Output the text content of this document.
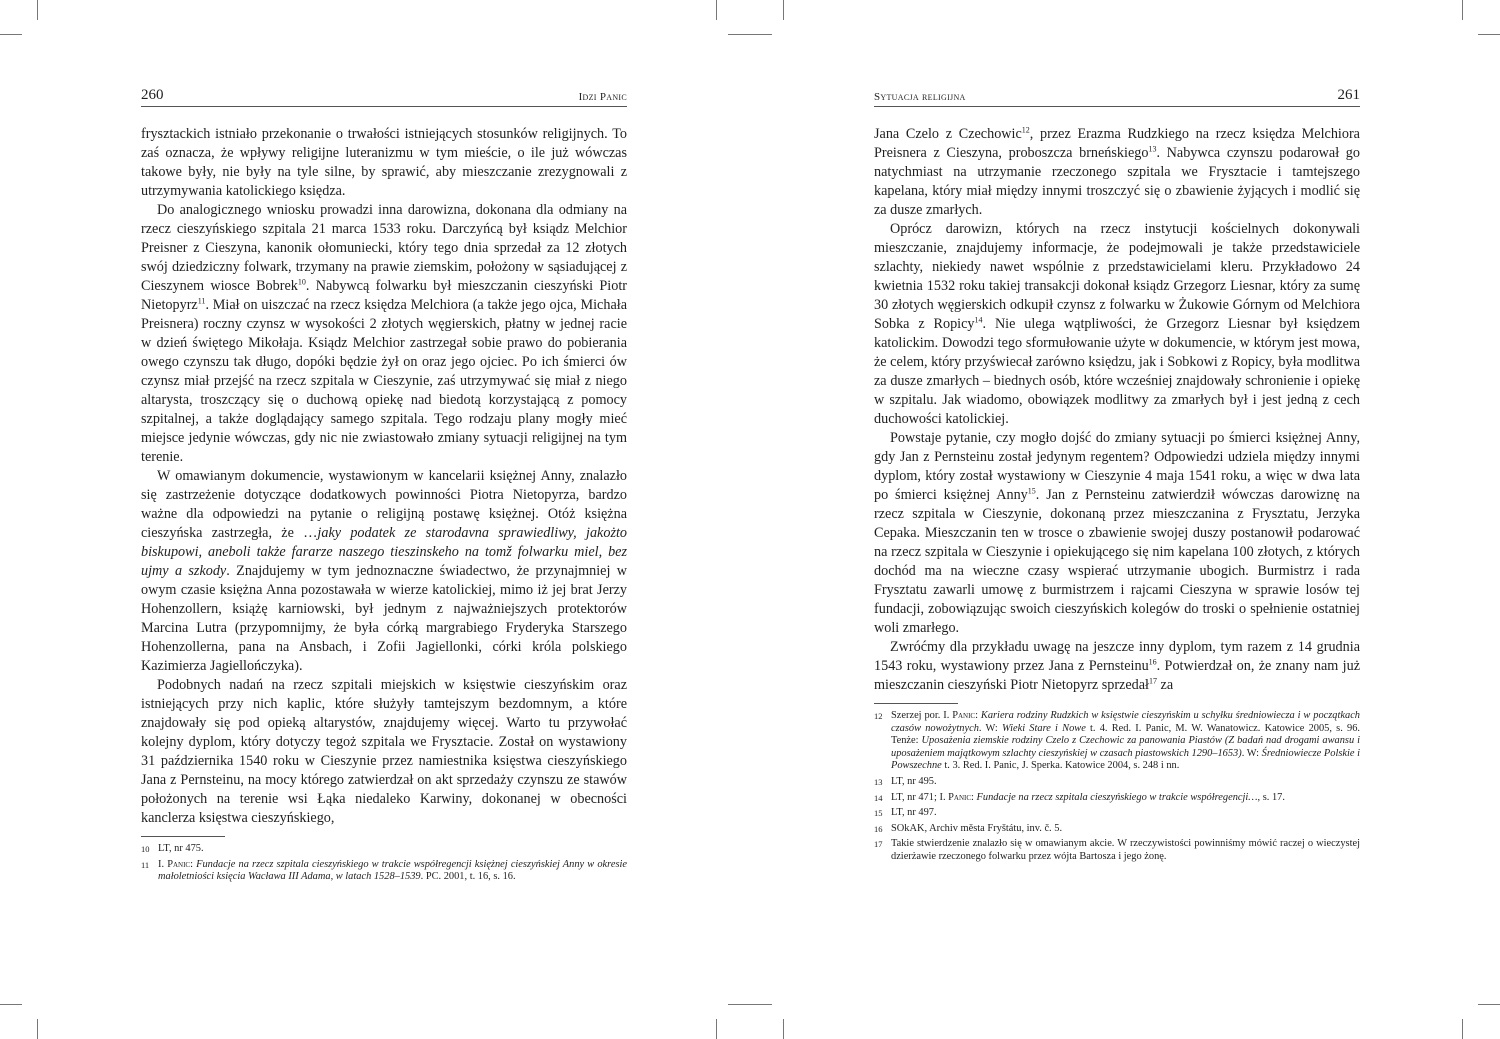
260	Idzi Panic

frysztackich istniało przekonanie o trwałości istniejących stosunków religijnych. To zaś oznacza, że wpływy religijne luteranizmu w tym mieście, o ile już wówczas takowe były, nie były na tyle silne, by sprawić, aby mieszczanie zrezygnowali z utrzymywania katolickiego księdza.

Do analogicznego wniosku prowadzi inna darowizna, dokonana dla odmiany na rzecz cieszyńskiego szpitala 21 marca 1533 roku. Darczyńcą był ksiądz Melchior Preisner z Cieszyna, kanonik ołomuniecki, który tego dnia sprzedał za 12 złotych swój dziedziczny folwark, trzymany na prawie ziemskim, położony w sąsiadującej z Cieszynem wiosce Bobrek$^{10}$. Nabywcą folwarku był mieszczanin cieszyński Piotr Nietopyrz$^{11}$. Miał on uiszczać na rzecz księdza Melchiora (a także jego ojca, Michała Preisnera) roczny czynsz w wysokości 2 złotych węgierskich, płatny w jednej racie w dzień świętego Mikołaja. Ksiądz Melchior zastrzegał sobie prawo do pobierania owego czynszu tak długo, dopóki będzie żył on oraz jego ojciec. Po ich śmierci ów czynsz miał przejść na rzecz szpitala w Cieszynie, zaś utrzymywać się miał z niego altarysta, troszczący się o duchową opiekę nad biedotą korzystającą z pomocy szpitalnej, a także doglądający samego szpitala. Tego rodzaju plany mogły mieć miejsce jedynie wówczas, gdy nic nie zwiastowało zmiany sytuacji religijnej na tym terenie.

W omawianym dokumencie, wystawionym w kancelarii księżnej Anny, znalazło się zastrzeżenie dotyczące dodatkowych powinności Piotra Nietopyrza, bardzo ważne dla odpowiedzi na pytanie o religijną postawę księżnej. Otóż księżna cieszyńska zastrzegła, że …jaky podatek ze starodavna sprawiedliwy, jakożto biskupowi, aneboli także fararze naszego tieszinskeho na tomž folwarku miel, bez ujmy a szkody. Znajdujemy w tym jednoznaczne świadectwo, że przynajmniej w owym czasie księżna Anna pozostawała w wierze katolickiej, mimo iż jej brat Jerzy Hohenzollern, książę karniowski, był jednym z najważniejszych protektorów Marcina Lutra (przypomnijmy, że była córką margrabiego Fryderyka Starszego Hohenzollerna, pana na Ansbach, i Zofii Jagiellonki, córki króla polskiego Kazimierza Jagiellończyka).

Podobnych nadań na rzecz szpitali miejskich w księstwie cieszyńskim oraz istniejących przy nich kaplic, które służyły tamtejszym bezdomnym, a które znajdowały się pod opieką altarystów, znajdujemy więcej. Warto tu przywołać kolejny dyplom, który dotyczy tegoż szpitala we Frysztacie. Został on wystawiony 31 października 1540 roku w Cieszynie przez namiestnika księstwa cieszyńskiego Jana z Pernsteinu, na mocy którego zatwierdzał on akt sprzedaży czynszu ze stawów położonych na terenie wsi Łąka niedaleko Karwiny, dokonanej w obecności kanclerza księstwa cieszyńskiego,

10 LT, nr 475.
11 I. Panic: Fundacje na rzecz szpitala cieszyńskiego w trakcie współregencji księżnej cieszyńskiej Anny w okresie małoletniości księcia Wacława III Adama, w latach 1528–1539. PC. 2001, t. 16, s. 16.
Sytuacja religijna	261

Jana Czelo z Czechowic$^{12}$, przez Erazma Rudzkiego na rzecz księdza Melchiora Preisnera z Cieszyna, proboszcza brneńskiego$^{13}$. Nabywca czynszu podarował go natychmiast na utrzymanie rzeczonego szpitala we Frysztacie i tamtejszego kapelana, który miał między innymi troszczyć się o zbawienie żyjących i modlić się za dusze zmarłych.

Oprócz darowizn, których na rzecz instytucji kościelnych dokonywali mieszczanie, znajdujemy informacje, że podejmowali je także przedstawiciele szlachty, niekiedy nawet wspólnie z przedstawicielami kleru. Przykładowo 24 kwietnia 1532 roku takiej transakcji dokonał ksiądz Grzegorz Liesnar, który za sumę 30 złotych węgierskich odkupił czynsz z folwarku w Żukowie Górnym od Melchiora Sobka z Ropicy$^{14}$. Nie ulega wątpliwości, że Grzegorz Liesnar był księdzem katolickim. Dowodzi tego sformułowanie użyte w dokumencie, w którym jest mowa, że celem, który przyświecał zarówno księdzu, jak i Sobkowi z Ropicy, była modlitwa za dusze zmarłych – biednych osób, które wcześniej znajdowały schronienie i opiekę w szpitalu. Jak wiadomo, obowiązek modlitwy za zmarłych był i jest jedną z cech duchowości katolickiej.

Powstaje pytanie, czy mogło dojść do zmiany sytuacji po śmierci księżnej Anny, gdy Jan z Pernsteinu został jedynym regentem? Odpowiedzi udziela między innymi dyplom, który został wystawiony w Cieszynie 4 maja 1541 roku, a więc w dwa lata po śmierci księżnej Anny$^{15}$. Jan z Pernsteinu zatwierdził wówczas darowiznę na rzecz szpitala w Cieszynie, dokonaną przez mieszczanina z Frysztatu, Jerzyka Cepaka. Mieszczanin ten w trosce o zbawienie swojej duszy postanowił podarować na rzecz szpitala w Cieszynie i opiekującego się nim kapelana 100 złotych, z których dochód ma na wieczne czasy wspierać utrzymanie ubogich. Burmistrz i rada Frysztatu zawarli umowę z burmistrzem i rajcami Cieszyna w sprawie losów tej fundacji, zobowiązując swoich cieszyńskich kolegów do troski o spełnienie ostatniej woli zmarłego.

Zwróćmy dla przykładu uwagę na jeszcze inny dyplom, tym razem z 14 grudnia 1543 roku, wystawiony przez Jana z Pernsteinu$^{16}$. Potwierdzał on, że znany nam już mieszczanin cieszyński Piotr Nietopyrz sprzedał$^{17}$ za

12 Szerzej por. I. Panic: Kariera rodziny Rudzkich w księstwie cieszyńskim u schyłku średniowiecza i w początkach czasów nowożytnych. W: Wieki Stare i Nowe t. 4. Red. I. Panic, M. W. Wanatowicz. Katowice 2005, s. 96. Tenże: Uposażenia ziemskie rodziny Czelo z Czechowic za panowania Piastów (Z badań nad drogami awansu i uposażeniem majątkowym szlachty cieszyńskiej w czasach piastowskich 1290–1653). W: Średniowiecze Polskie i Powszechne t. 3. Red. I. Panic, J. Sperka. Katowice 2004, s. 248 i nn.
13 LT, nr 495.
14 LT, nr 471; I. Panic: Fundacje na rzecz szpitala cieszyńskiego w trakcie współregencji…, s. 17.
15 LT, nr 497.
16 SOkAK, Archiv města Fryštátu, inv. č. 5.
17 Takie stwierdzenie znalazło się w omawianym akcie. W rzeczywistości powinniśmy mówić raczej o wieczystej dzierżawie rzeczonego folwarku przez wójta Bartosza i jego żonę.
